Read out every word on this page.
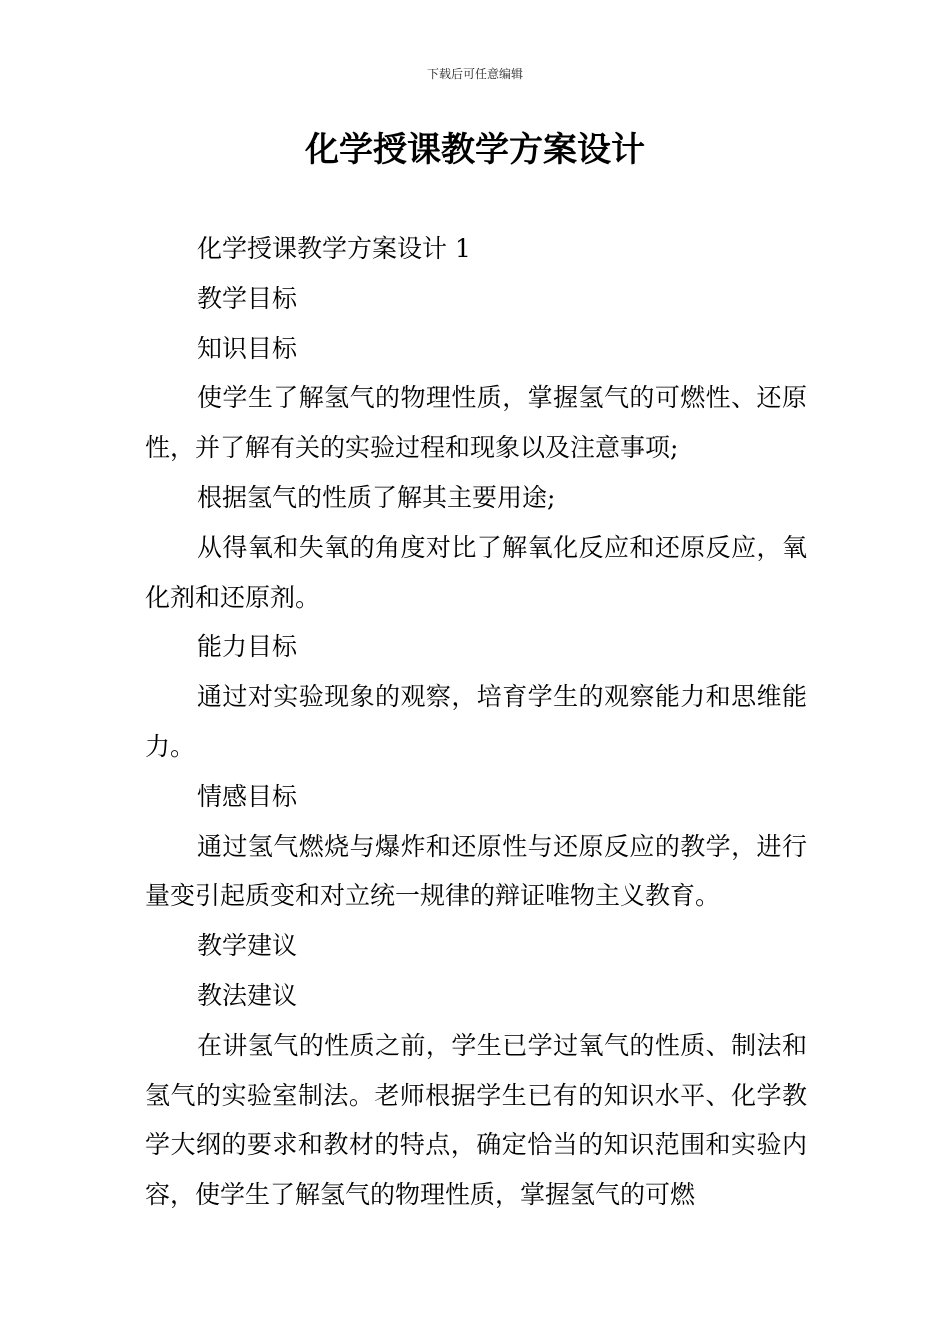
下载后可任意编辑
化学授课教学方案设计

化学授课教学方案设计 1

教学目标

知识目标

使学生了解氢气的物理性质，掌握氢气的可燃性、还原性，并了解有关的实验过程和现象以及注意事项;

根据氢气的性质了解其主要用途;

从得氧和失氧的角度对比了解氧化反应和还原反应，氧化剂和还原剂。

能力目标

通过对实验现象的观察，培育学生的观察能力和思维能力。

情感目标

通过氢气燃烧与爆炸和还原性与还原反应的教学，进行量变引起质变和对立统一规律的辩证唯物主义教育。

教学建议

教法建议

在讲氢气的性质之前，学生已学过氧气的性质、制法和氢气的实验室制法。老师根据学生已有的知识水平、化学教学大纲的要求和教材的特点，确定恰当的知识范围和实验内容，使学生了解氢气的物理性质，掌握氢气的可燃
